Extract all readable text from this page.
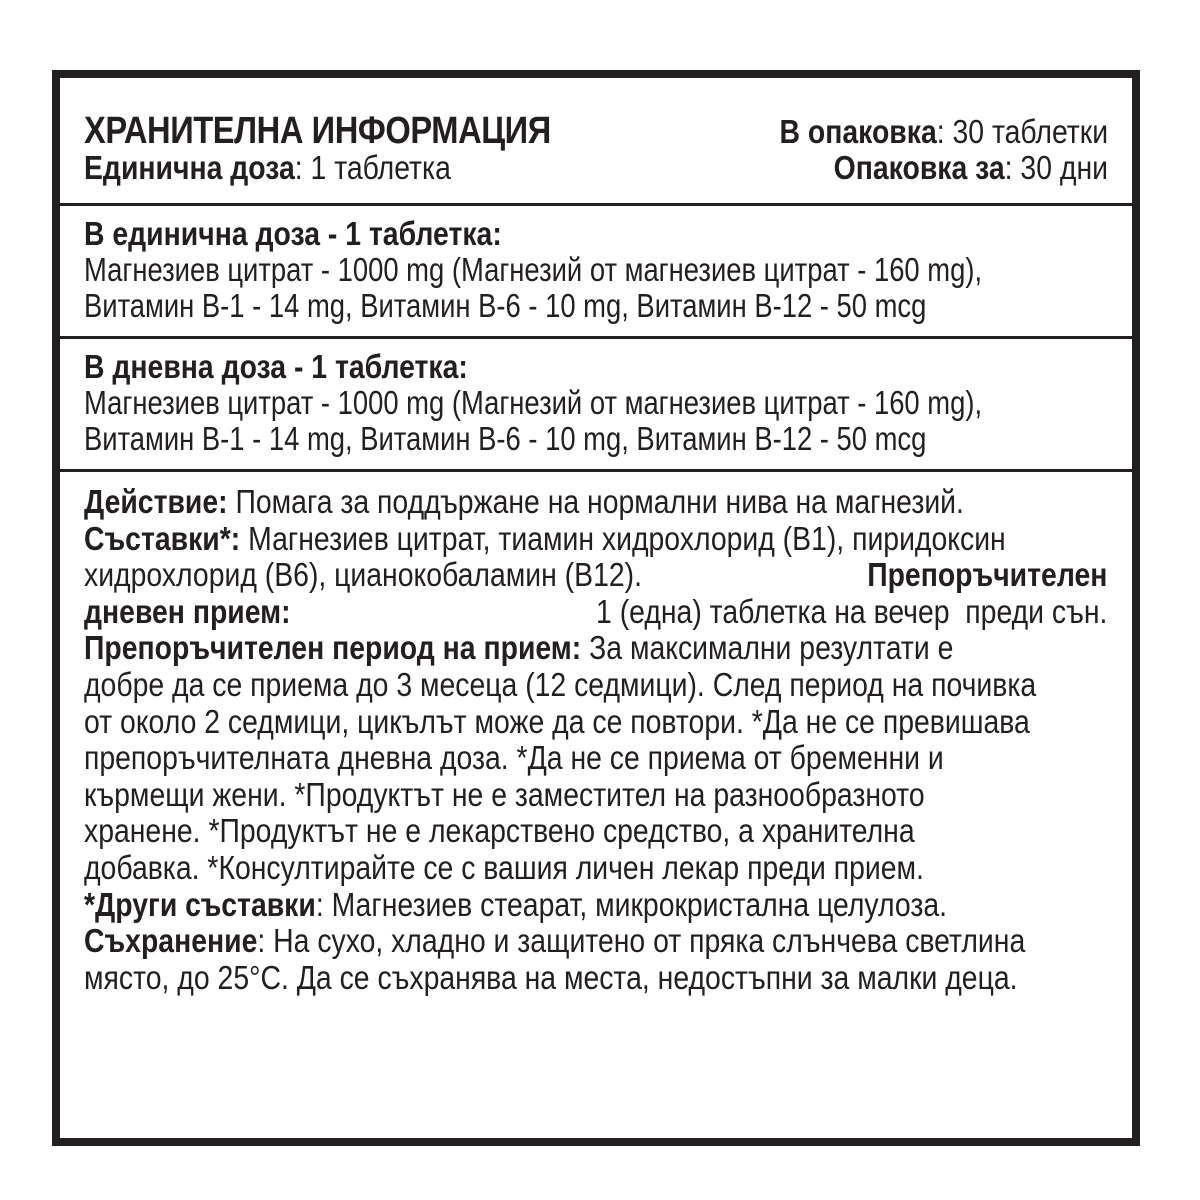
ХРАНИТЕЛНА ИНФОРМАЦИЯ	В опаковка: 30 таблетки
Единична доза: 1 таблетка	Опаковка за: 30 дни
В единична доза - 1 таблетка:
Магнезиев цитрат - 1000 mg (Магнезий от магнезиев цитрат - 160 mg),
Витамин B-1 - 14 mg, Витамин B-6 - 10 mg, Витамин B-12 - 50 mcg
В дневна доза - 1 таблетка:
Магнезиев цитрат - 1000 mg (Магнезий от магнезиев цитрат - 160 mg),
Витамин B-1 - 14 mg, Витамин B-6 - 10 mg, Витамин B-12 - 50 mcg
Действие: Помага за поддържане на нормални нива на магнезий.
Съставки*: Магнезиев цитрат, тиамин хидрохлорид (B1), пиридоксин
хидрохлорид (B6), цианокобаламин (B12).	Препоръчителен
дневен прием:	1 (една) таблетка на вечер  преди сън.
Препоръчителен период на прием: За максимални резултати е
добре да се приема до 3 месеца (12 седмици). След период на почивка
от около 2 седмици, цикълът може да се повтори. *Да не се превишава
препоръчителната дневна доза. *Да не се приема от бременни и
кърмещи жени. *Продуктът не е заместител на разнообразното
хранене. *Продуктът не е лекарствено средство, а хранителна
добавка. *Консултирайте се с вашия личен лекар преди прием.
*Други съставки: Магнезиев стеарат, микрокристална целулоза.
Съхранение: На сухо, хладно и защитено от пряка слънчева светлина
място, до 25°C. Да се съхранява на места, недостъпни за малки деца.
